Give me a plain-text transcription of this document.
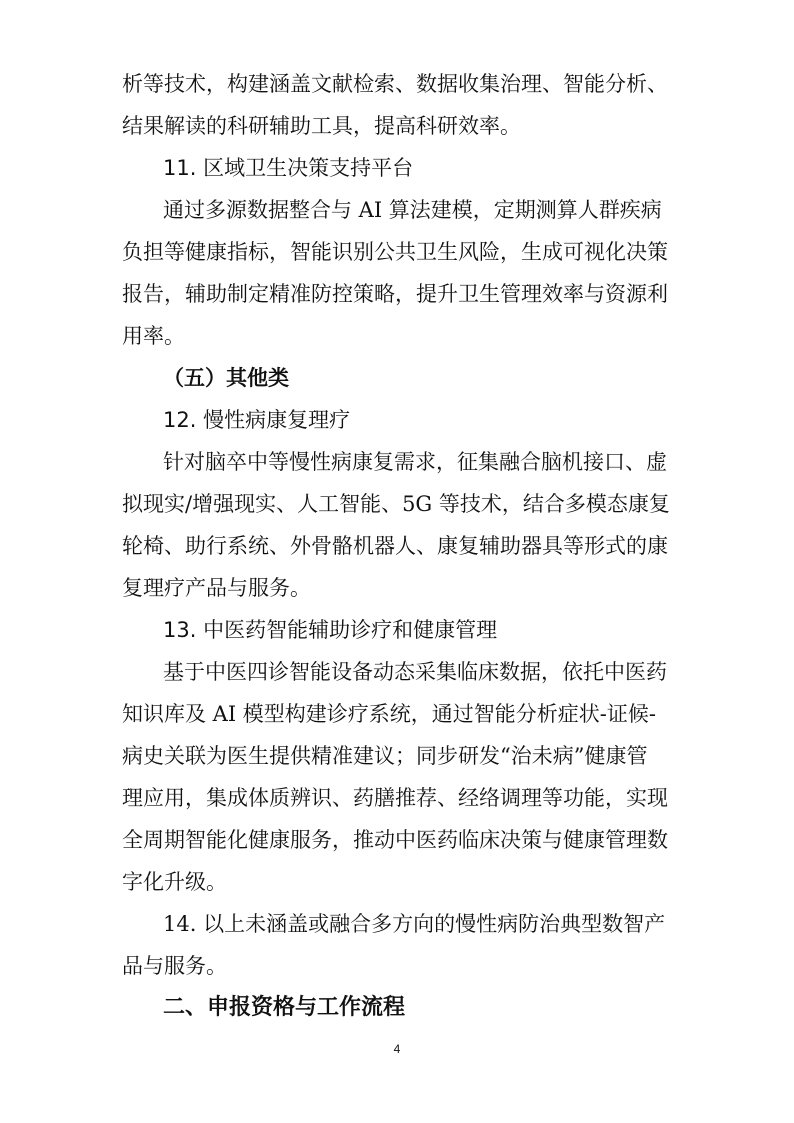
析等技术，构建涵盖文献检索、数据收集治理、智能分析、
结果解读的科研辅助工具，提高科研效率。
11. 区域卫生决策支持平台
通过多源数据整合与 AI 算法建模，定期测算人群疾病
负担等健康指标，智能识别公共卫生风险，生成可视化决策
报告，辅助制定精准防控策略，提升卫生管理效率与资源利
用率。
（五）其他类
12. 慢性病康复理疗
针对脑卒中等慢性病康复需求，征集融合脑机接口、虚
拟现实/增强现实、人工智能、5G 等技术，结合多模态康复
轮椅、助行系统、外骨骼机器人、康复辅助器具等形式的康
复理疗产品与服务。
13. 中医药智能辅助诊疗和健康管理
基于中医四诊智能设备动态采集临床数据，依托中医药
知识库及 AI 模型构建诊疗系统，通过智能分析症状-证候-
病史关联为医生提供精准建议；同步研发“治未病”健康管
理应用，集成体质辨识、药膳推荐、经络调理等功能，实现
全周期智能化健康服务，推动中医药临床决策与健康管理数
字化升级。
14. 以上未涵盖或融合多方向的慢性病防治典型数智产
品与服务。
二、申报资格与工作流程
4
